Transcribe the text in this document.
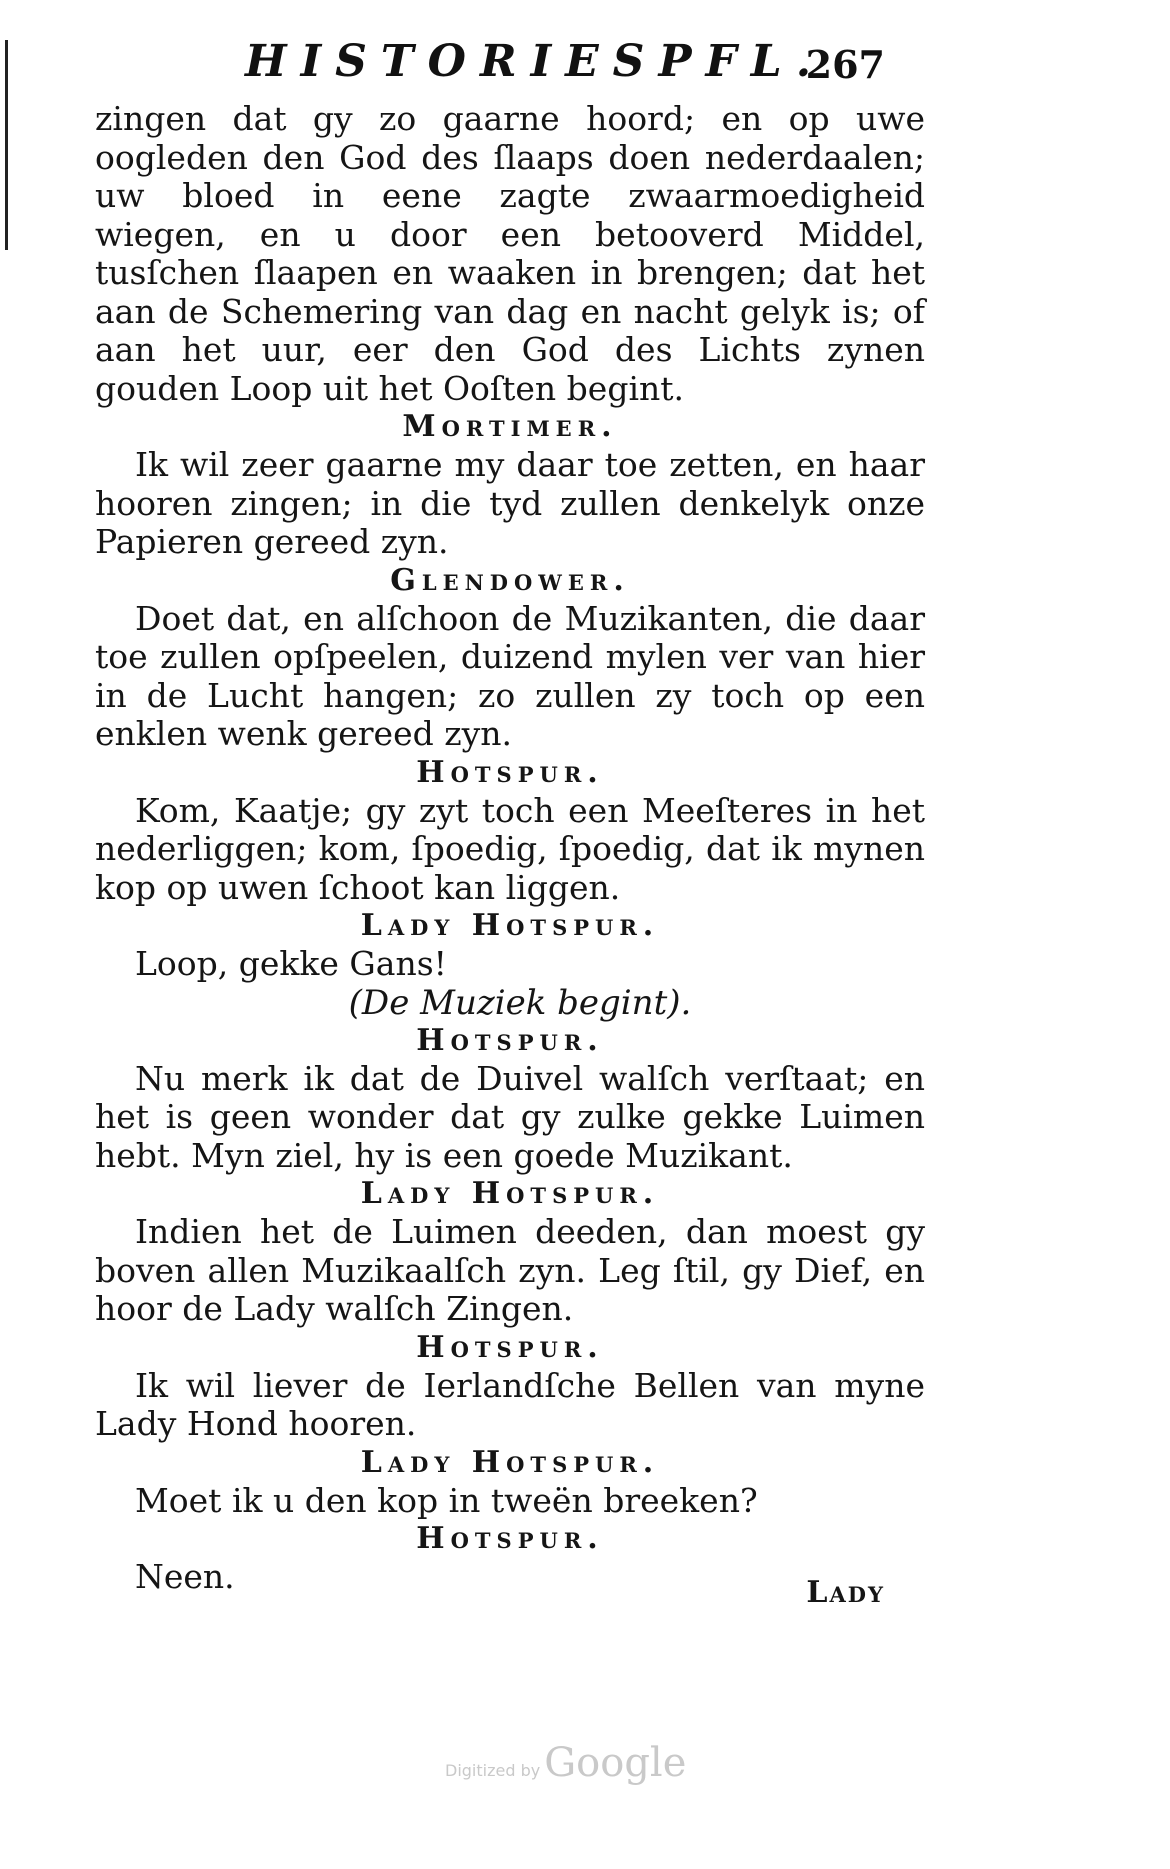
HISTORIESPFL.
267

zingen dat gy zo gaarne hoord; en op uwe oogleden den God des ſlaaps doen nederdaalen; uw bloed in eene zagte zwaarmoedigheid wiegen, en u door een betooverd Middel, tusſchen ſlaapen en waaken in brengen; dat het aan de Schemering van dag en nacht gelyk is; of aan het uur, eer den God des Lichts zynen gouden Loop uit het Ooſten begint.

Mortimer.

Ik wil zeer gaarne my daar toe zetten, en haar hooren zingen; in die tyd zullen denkelyk onze Papieren gereed zyn.

Glendower.

Doet dat, en alſchoon de Muzikanten, die daar toe zullen opſpeelen, duizend mylen ver van hier in de Lucht hangen; zo zullen zy toch op een enklen wenk gereed zyn.

Hotspur.

Kom, Kaatje; gy zyt toch een Meeſteres in het nederliggen; kom, ſpoedig, ſpoedig, dat ik mynen kop op uwen ſchoot kan liggen.

Lady Hotspur.

Loop, gekke Gans!

(De Muziek begint).

Hotspur.

Nu merk ik dat de Duivel walſch verſtaat; en het is geen wonder dat gy zulke gekke Luimen hebt. Myn ziel, hy is een goede Muzikant.

Lady Hotspur.

Indien het de Luimen deeden, dan moest gy boven allen Muzikaalſch zyn. Leg ſtil, gy Dief, en hoor de Lady walſch Zingen.

Hotspur.

Ik wil liever de Ierlandſche Bellen van myne Lady Hond hooren.

Lady Hotspur.

Moet ik u den kop in tweën breeken?

Hotspur.

Neen.	Lady
Digitized by Google
